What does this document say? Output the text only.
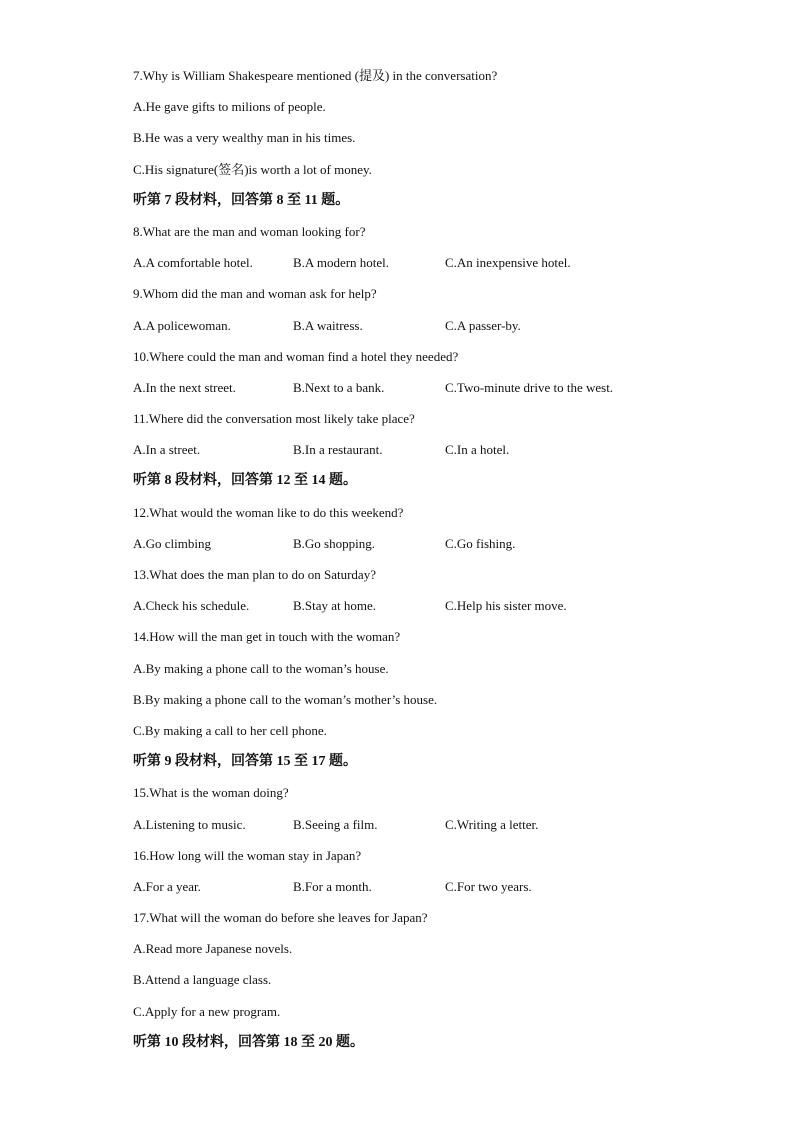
7.Why is William Shakespeare mentioned (提及) in the conversation?
A.He gave gifts to milions of people.
B.He was a very wealthy man in his times.
C.His signature(签名)is worth a lot of money.
听第 7 段材料，回答第 8 至 11 题。
8.What are the man and woman looking for?
A.A comfortable hotel.	B.A modern hotel.	C.An inexpensive hotel.
9.Whom did the man and woman ask for help?
A.A policewoman.	B.A waitress.	C.A passer-by.
10.Where could the man and woman find a hotel they needed?
A.In the next street.	B.Next to a bank.	C.Two-minute drive to the west.
11.Where did the conversation most likely take place?
A.In a street.	B.In a restaurant.	C.In a hotel.
听第 8 段材料，回答第 12 至 14 题。
12.What would the woman like to do this weekend?
A.Go climbing	B.Go shopping.	C.Go fishing.
13.What does the man plan to do on Saturday?
A.Check his schedule.	B.Stay at home.	C.Help his sister move.
14.How will the man get in touch with the woman?
A.By making a phone call to the woman’s house.
B.By making a phone call to the woman’s mother’s house.
C.By making a call to her cell phone.
听第 9 段材料，回答第 15 至 17 题。
15.What is the woman doing?
A.Listening to music.	B.Seeing a film.	C.Writing a letter.
16.How long will the woman stay in Japan?
A.For a year.	B.For a month.	C.For two years.
17.What will the woman do before she leaves for Japan?
A.Read more Japanese novels.
B.Attend a language class.
C.Apply for a new program.
听第 10 段材料，回答第 18 至 20 题。
